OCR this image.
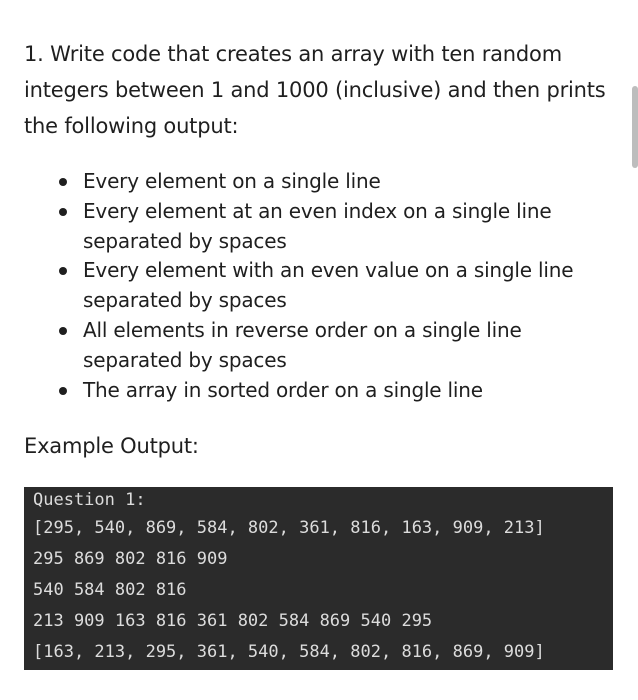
1. Write code that creates an array with ten random integers between 1 and 1000 (inclusive) and then prints the following output:

Every element on a single line
Every element at an even index on a single line separated by spaces
Every element with an even value on a single line separated by spaces
All elements in reverse order on a single line separated by spaces
The array in sorted order on a single line

Example Output:

Question 1:
[295, 540, 869, 584, 802, 361, 816, 163, 909, 213]
295 869 802 816 909
540 584 802 816
213 909 163 816 361 802 584 869 540 295
[163, 213, 295, 361, 540, 584, 802, 816, 869, 909]
